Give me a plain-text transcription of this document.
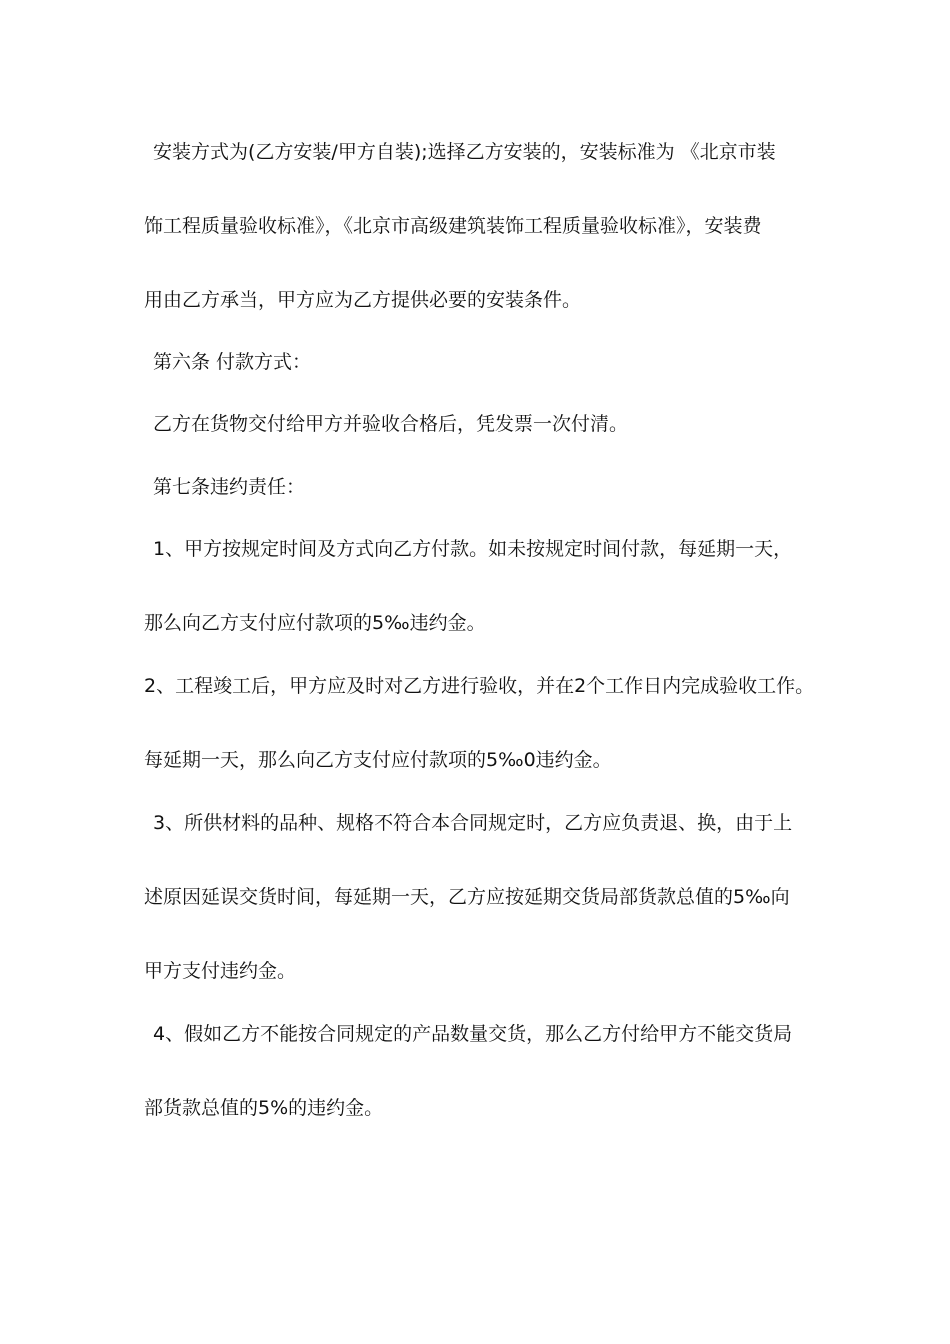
安装方式为(乙方安装/甲方自装);选择乙方安装的，安装标准为 《北京市装
饰工程质量验收标准》，《北京市高级建筑装饰工程质量验收标准》，安装费
用由乙方承当，甲方应为乙方提供必要的安装条件。
第六条 付款方式：
乙方在货物交付给甲方并验收合格后，凭发票一次付清。
第七条违约责任：
1、甲方按规定时间及方式向乙方付款。如未按规定时间付款，每延期一天，
那么向乙方支付应付款项的5‰违约金。
2、工程竣工后，甲方应及时对乙方进行验收，并在2个工作日内完成验收工作。
每延期一天，那么向乙方支付应付款项的5‰0违约金。
3、所供材料的品种、规格不符合本合同规定时，乙方应负责退、换，由于上
述原因延误交货时间，每延期一天，乙方应按延期交货局部货款总值的5‰向
甲方支付违约金。
4、假如乙方不能按合同规定的产品数量交货，那么乙方付给甲方不能交货局
部货款总值的5%的违约金。
